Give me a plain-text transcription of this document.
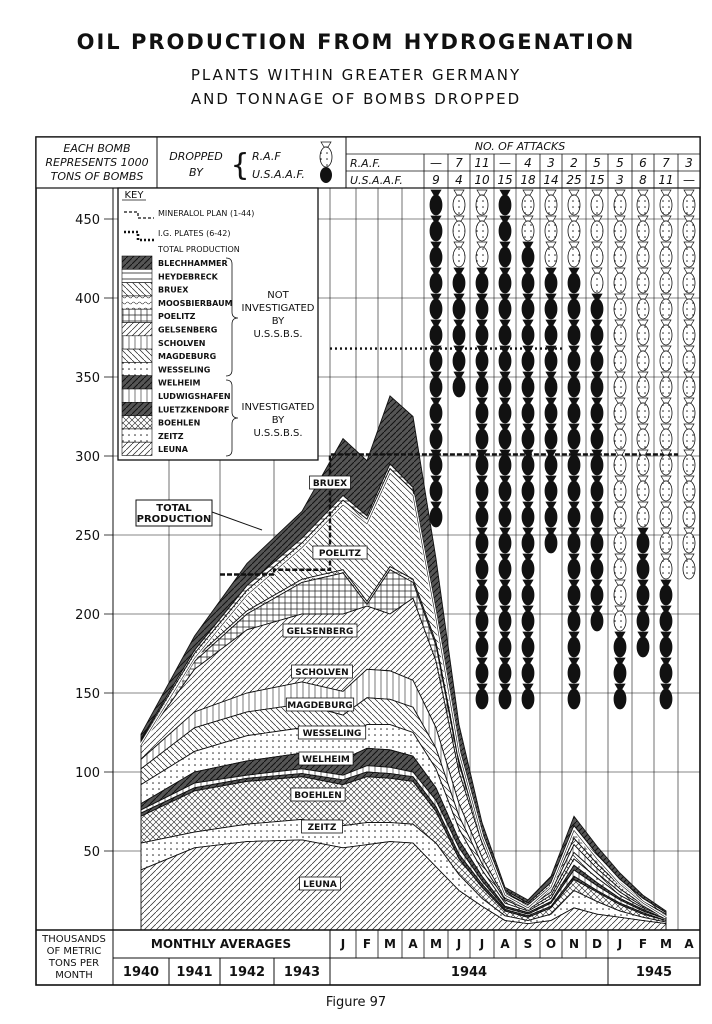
OIL PRODUCTION FROM HYDROGENATION
PLANTS WITHIN GREATER GERMANY
AND TONNAGE OF BOMBS DROPPED
Figure 97
50
100
150
200
250
300
350
400
450
BRUEX
POELITZ
GELSENBERG
SCHOLVEN
MAGDEBURG
WESSELING
WELHEIM
BOEHLEN
ZEITZ
LEUNA
TOTAL
PRODUCTION
EACH BOMB
REPRESENTS 1000
TONS OF BOMBS
DROPPED
BY { R.A.F
U.S.A.A.F.
NO. OF ATTACKS
R.A.F.
U.S.A.A.F.
—
9
7
4
11
10
—
15
4
18
3
14
2
25
5
15
5
3
6
8
7
11
3
—
KEY
MINERALOL PLAN (1-44)
I.G. PLATES (6-42)
TOTAL PRODUCTION
BLECHHAMMER
HEYDEBRECK
BRUEX
MOOSBIERBAUM
POELITZ
GELSENBERG
SCHOLVEN
MAGDEBURG
WESSELING
WELHEIM
LUDWIGSHAFEN
LUETZKENDORF
BOEHLEN
ZEITZ
LEUNA
NOT
INVESTIGATED
BY
U.S.S.B.S.
INVESTIGATED
BY
U.S.S.B.S.
THOUSANDS
OF METRIC
TONS PER
MONTH
MONTHLY AVERAGES
1940 1941 1942 1943
J F M A M J J A S O N D J F M A
1944	1945
